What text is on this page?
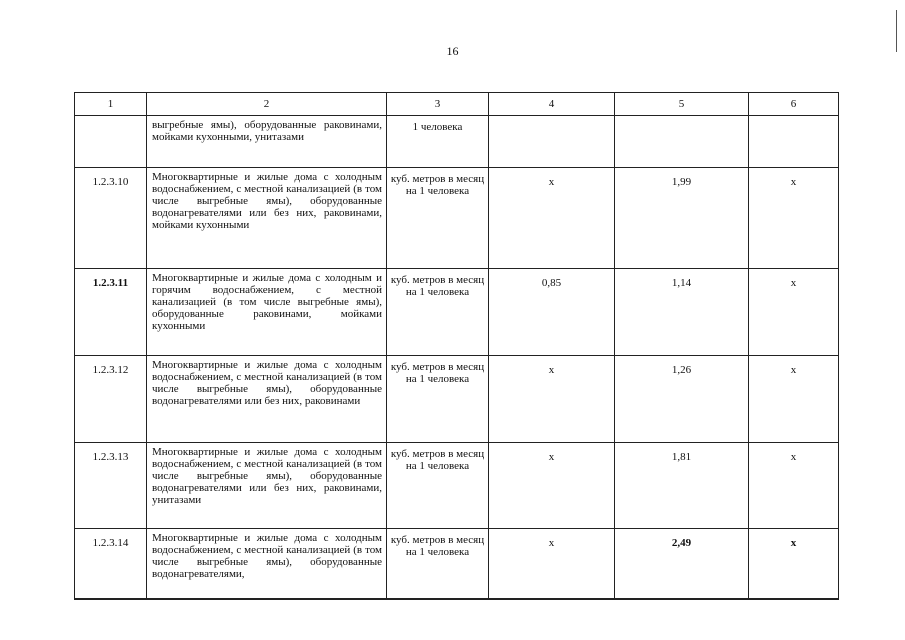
16
1	2	3	4	5	6
	выгребные ямы), оборудованные раковинами, мойками кухонными, унитазами	1 человека			
1.2.3.10	Многоквартирные и жилые дома с холодным водоснабжением, с местной канализацией (в том числе выгребные ямы), оборудованные водонагревателями или без них, раковинами, мойками кухонными	куб. метров в месяц на 1 человека	x	1,99	x
1.2.3.11	Многоквартирные и жилые дома с холодным и горячим водоснабжением, с местной канализацией (в том числе выгребные ямы), оборудованные раковинами, мойками кухонными	куб. метров в месяц на 1 человека	0,85	1,14	x
1.2.3.12	Многоквартирные и жилые дома с холодным водоснабжением, с местной канализацией (в том числе выгребные ямы), оборудованные водонагревателями или без них, раковинами	куб. метров в месяц на 1 человека	x	1,26	x
1.2.3.13	Многоквартирные и жилые дома с холодным водоснабжением, с местной канализацией (в том числе выгребные ямы), оборудованные водонагревателями или без них, раковинами, унитазами	куб. метров в месяц на 1 человека	x	1,81	x
1.2.3.14	Многоквартирные и жилые дома с холодным водоснабжением, с местной канализацией (в том числе выгребные ямы), оборудованные водонагревателями,	куб. метров в месяц на 1 человека	x	2,49	x
